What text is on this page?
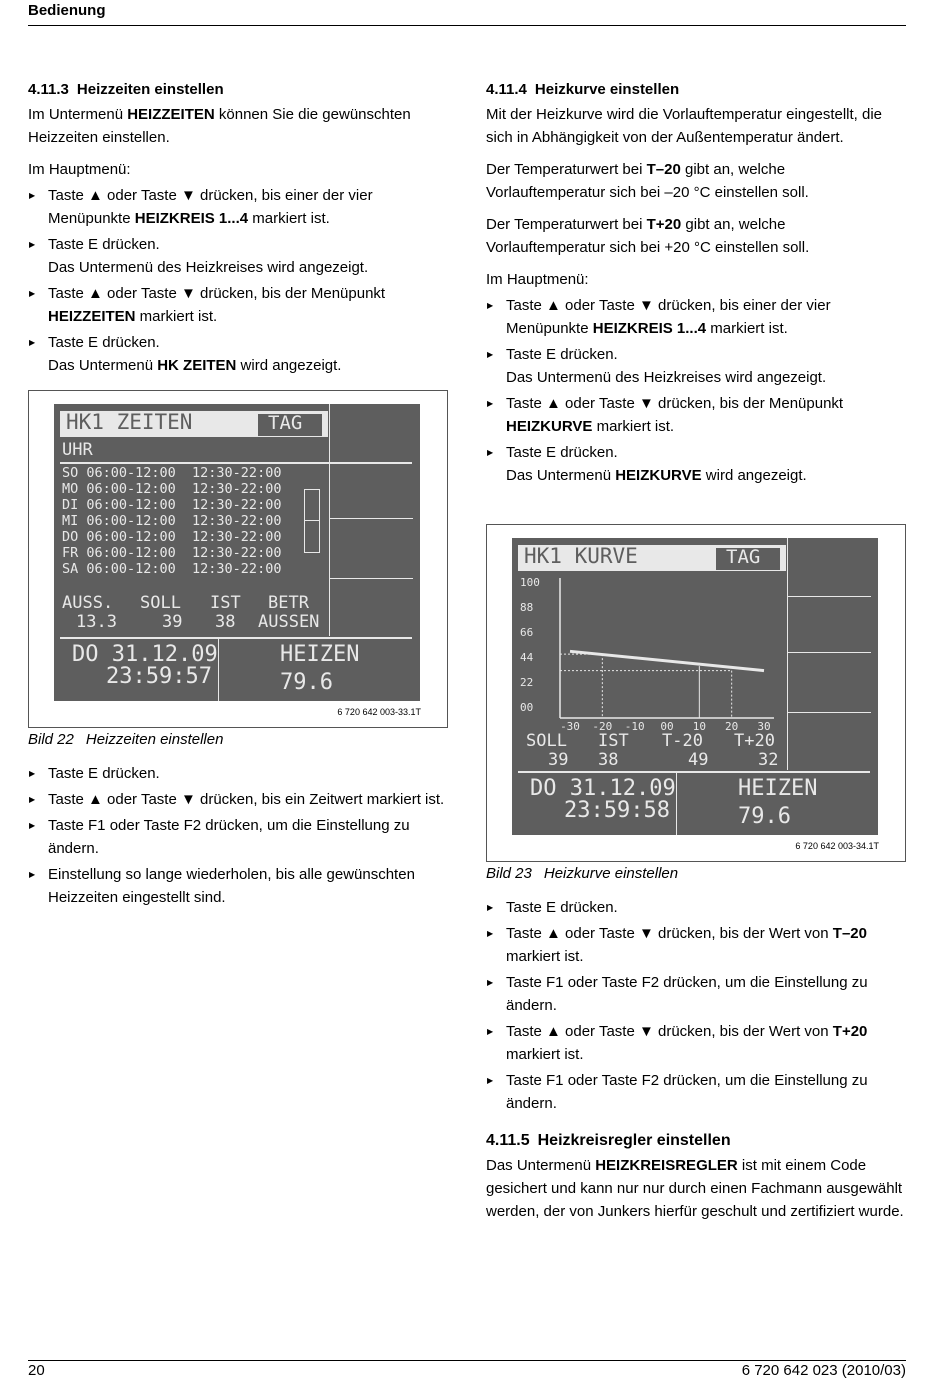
Bedienung
4.11.3 Heizzeiten einstellen

Im Untermenü HEIZZEITEN können Sie die gewünschten Heizzeiten einstellen.

Im Hauptmenü:

▶ Taste ▲ oder Taste ▼ drücken, bis einer der vier Menüpunkte HEIZKREIS 1...4 markiert ist.
▶ Taste E drücken.
Das Untermenü des Heizkreises wird angezeigt.
▶ Taste ▲ oder Taste ▼ drücken, bis der Menüpunkt HEIZZEITEN markiert ist.
▶ Taste E drücken.
Das Untermenü HK ZEITEN wird angezeigt.
HK1 ZEITEN	TAG
UHR
SO 06:00-12:00  12:30-22:00
MO 06:00-12:00  12:30-22:00
DI 06:00-12:00  12:30-22:00
MI 06:00-12:00  12:30-22:00
DO 06:00-12:00  12:30-22:00
FR 06:00-12:00  12:30-22:00
SA 06:00-12:00  12:30-22:00
AUSS. SOLL IST BETR
13.3	39 38 AUSSEN
DO 31.12.09
23:59:57
HEIZEN
79.6
6 720 642 003-33.1T
Bild 22 Heizzeiten einstellen
▶ Taste E drücken.
▶ Taste ▲ oder Taste ▼ drücken, bis ein Zeitwert markiert ist.
▶ Taste F1 oder Taste F2 drücken, um die Einstellung zu ändern.
▶ Einstellung so lange wiederholen, bis alle gewünschten Heizzeiten eingestellt sind.
4.11.4 Heizkurve einstellen

Mit der Heizkurve wird die Vorlauftemperatur eingestellt, die sich in Abhängigkeit von der Außentemperatur ändert.

Der Temperaturwert bei T–20 gibt an, welche Vorlauftemperatur sich bei –20 °C einstellen soll.

Der Temperaturwert bei T+20 gibt an, welche Vorlauftemperatur sich bei +20 °C einstellen soll.

Im Hauptmenü:

▶ Taste ▲ oder Taste ▼ drücken, bis einer der vier Menüpunkte HEIZKREIS 1...4 markiert ist.
▶ Taste E drücken.
Das Untermenü des Heizkreises wird angezeigt.
▶ Taste ▲ oder Taste ▼ drücken, bis der Menüpunkt HEIZKURVE markiert ist.
▶ Taste E drücken.
Das Untermenü HEIZKURVE wird angezeigt.
HK1 KURVE	TAG
100
88
66
44
22
00
-30 -20 -10 00 10 20 30
SOLL IST T-20 T+20
39 38	49	32
DO 31.12.09
23:59:58
HEIZEN
79.6
6 720 642 003-34.1T
Bild 23 Heizkurve einstellen
▶ Taste E drücken.
▶ Taste ▲ oder Taste ▼ drücken, bis der Wert von T–20 markiert ist.
▶ Taste F1 oder Taste F2 drücken, um die Einstellung zu ändern.
▶ Taste ▲ oder Taste ▼ drücken, bis der Wert von T+20 markiert ist.
▶ Taste F1 oder Taste F2 drücken, um die Einstellung zu ändern.
4.11.5 Heizkreisregler einstellen

Das Untermenü HEIZKREISREGLER ist mit einem Code gesichert und kann nur nur durch einen Fachmann ausgewählt werden, der von Junkers hierfür geschult und zertifiziert wurde.

20	6 720 642 023 (2010/03)
